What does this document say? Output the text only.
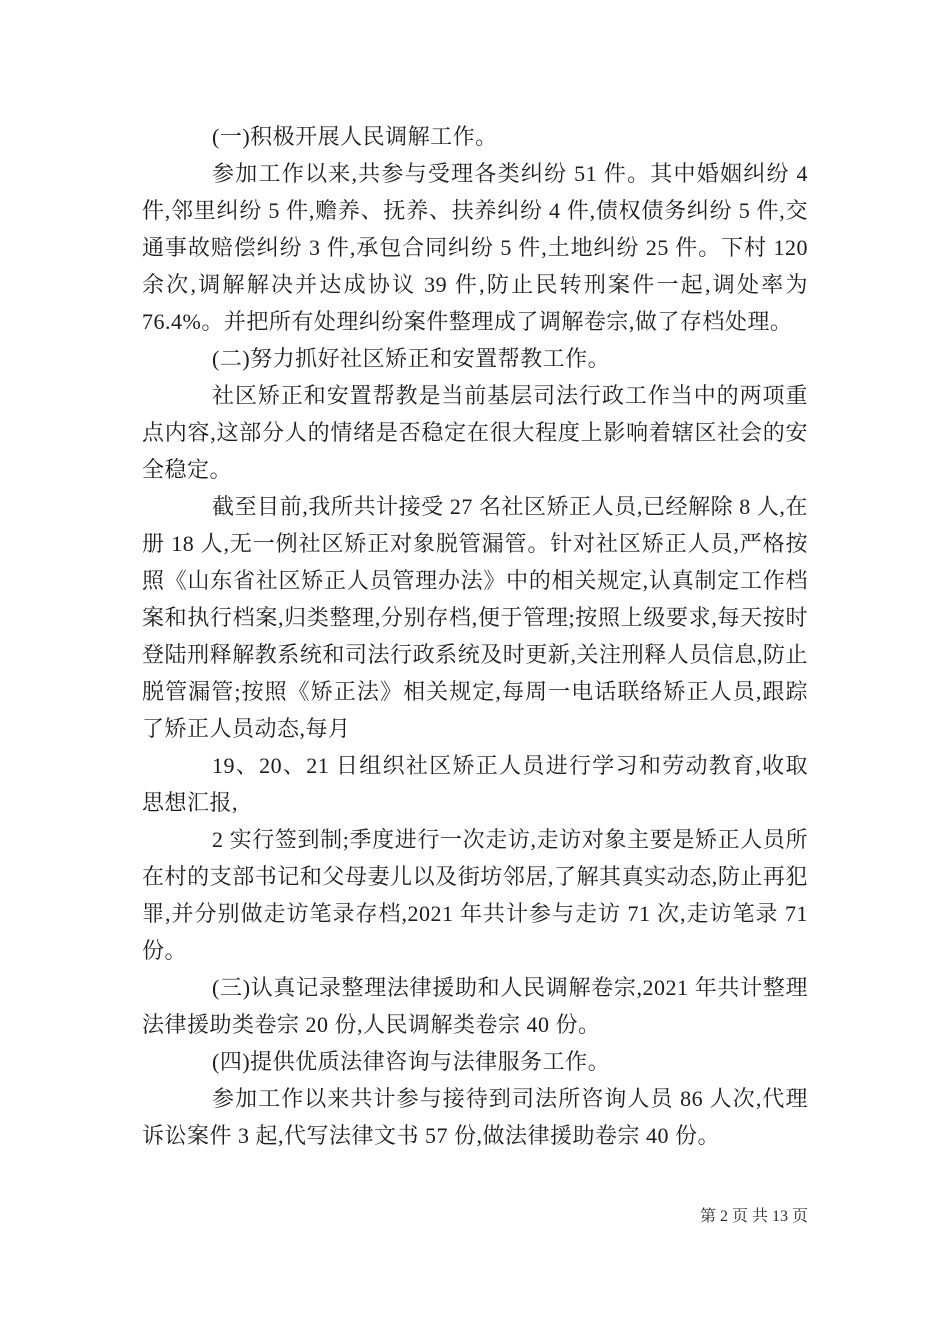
(一)积极开展人民调解工作。

参加工作以来,共参与受理各类纠纷 51 件。其中婚姻纠纷 4 件,邻里纠纷 5 件,赡养、抚养、扶养纠纷 4 件,债权债务纠纷 5 件,交通事故赔偿纠纷 3 件,承包合同纠纷 5 件,土地纠纷 25 件。下村 120 余次,调解解决并达成协议 39 件,防止民转刑案件一起,调处率为 76.4%。并把所有处理纠纷案件整理成了调解卷宗,做了存档处理。

(二)努力抓好社区矫正和安置帮教工作。

社区矫正和安置帮教是当前基层司法行政工作当中的两项重点内容,这部分人的情绪是否稳定在很大程度上影响着辖区社会的安全稳定。

截至目前,我所共计接受 27 名社区矫正人员,已经解除 8 人,在册 18 人,无一例社区矫正对象脱管漏管。针对社区矫正人员,严格按照《山东省社区矫正人员管理办法》中的相关规定,认真制定工作档案和执行档案,归类整理,分别存档,便于管理;按照上级要求,每天按时登陆刑释解教系统和司法行政系统及时更新,关注刑释人员信息,防止脱管漏管;按照《矫正法》相关规定,每周一电话联络矫正人员,跟踪了矫正人员动态,每月

19、20、21 日组织社区矫正人员进行学习和劳动教育,收取思想汇报,

2 实行签到制;季度进行一次走访,走访对象主要是矫正人员所在村的支部书记和父母妻儿以及街坊邻居,了解其真实动态,防止再犯罪,并分别做走访笔录存档,2021 年共计参与走访 71 次,走访笔录 71 份。

(三)认真记录整理法律援助和人民调解卷宗,2021 年共计整理法律援助类卷宗 20 份,人民调解类卷宗 40 份。

(四)提供优质法律咨询与法律服务工作。

参加工作以来共计参与接待到司法所咨询人员 86 人次,代理诉讼案件 3 起,代写法律文书 57 份,做法律援助卷宗 40 份。

第 2 页 共 13 页
